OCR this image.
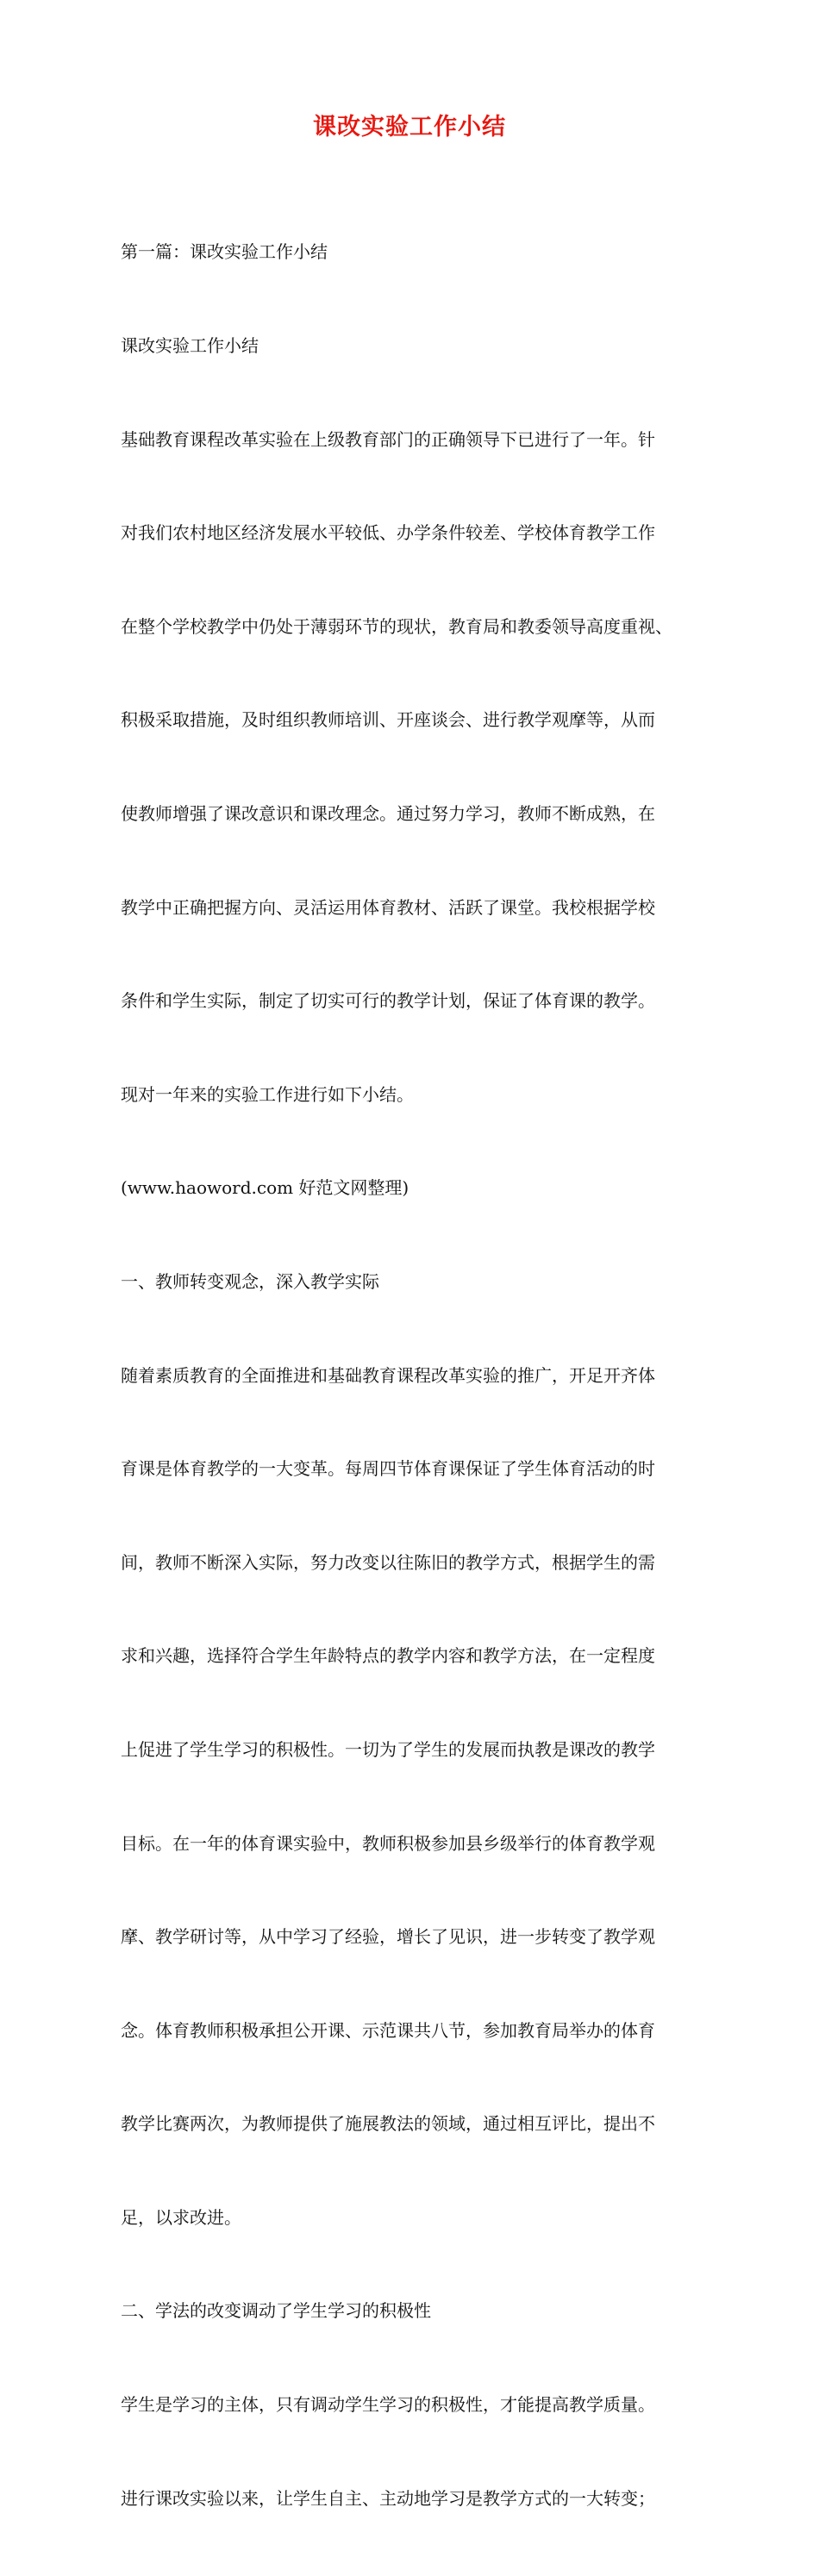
课改实验工作小结

第一篇：课改实验工作小结

课改实验工作小结

基础教育课程改革实验在上级教育部门的正确领导下已进行了一年。针

对我们农村地区经济发展水平较低、办学条件较差、学校体育教学工作

在整个学校教学中仍处于薄弱环节的现状，教育局和教委领导高度重视、

积极采取措施，及时组织教师培训、开座谈会、进行教学观摩等，从而

使教师增强了课改意识和课改理念。通过努力学习，教师不断成熟，在

教学中正确把握方向、灵活运用体育教材、活跃了课堂。我校根据学校

条件和学生实际，制定了切实可行的教学计划，保证了体育课的教学。

现对一年来的实验工作进行如下小结。

(www.haoword.com 好范文网整理)

一、教师转变观念，深入教学实际

随着素质教育的全面推进和基础教育课程改革实验的推广，开足开齐体

育课是体育教学的一大变革。每周四节体育课保证了学生体育活动的时

间，教师不断深入实际，努力改变以往陈旧的教学方式，根据学生的需

求和兴趣，选择符合学生年龄特点的教学内容和教学方法，在一定程度

上促进了学生学习的积极性。一切为了学生的发展而执教是课改的教学

目标。在一年的体育课实验中，教师积极参加县乡级举行的体育教学观

摩、教学研讨等，从中学习了经验，增长了见识，进一步转变了教学观

念。体育教师积极承担公开课、示范课共八节，参加教育局举办的体育

教学比赛两次，为教师提供了施展教法的领域，通过相互评比，提出不

足，以求改进。

二、学法的改变调动了学生学习的积极性

学生是学习的主体，只有调动学生学习的积极性，才能提高教学质量。

进行课改实验以来，让学生自主、主动地学习是教学方式的一大转变；
